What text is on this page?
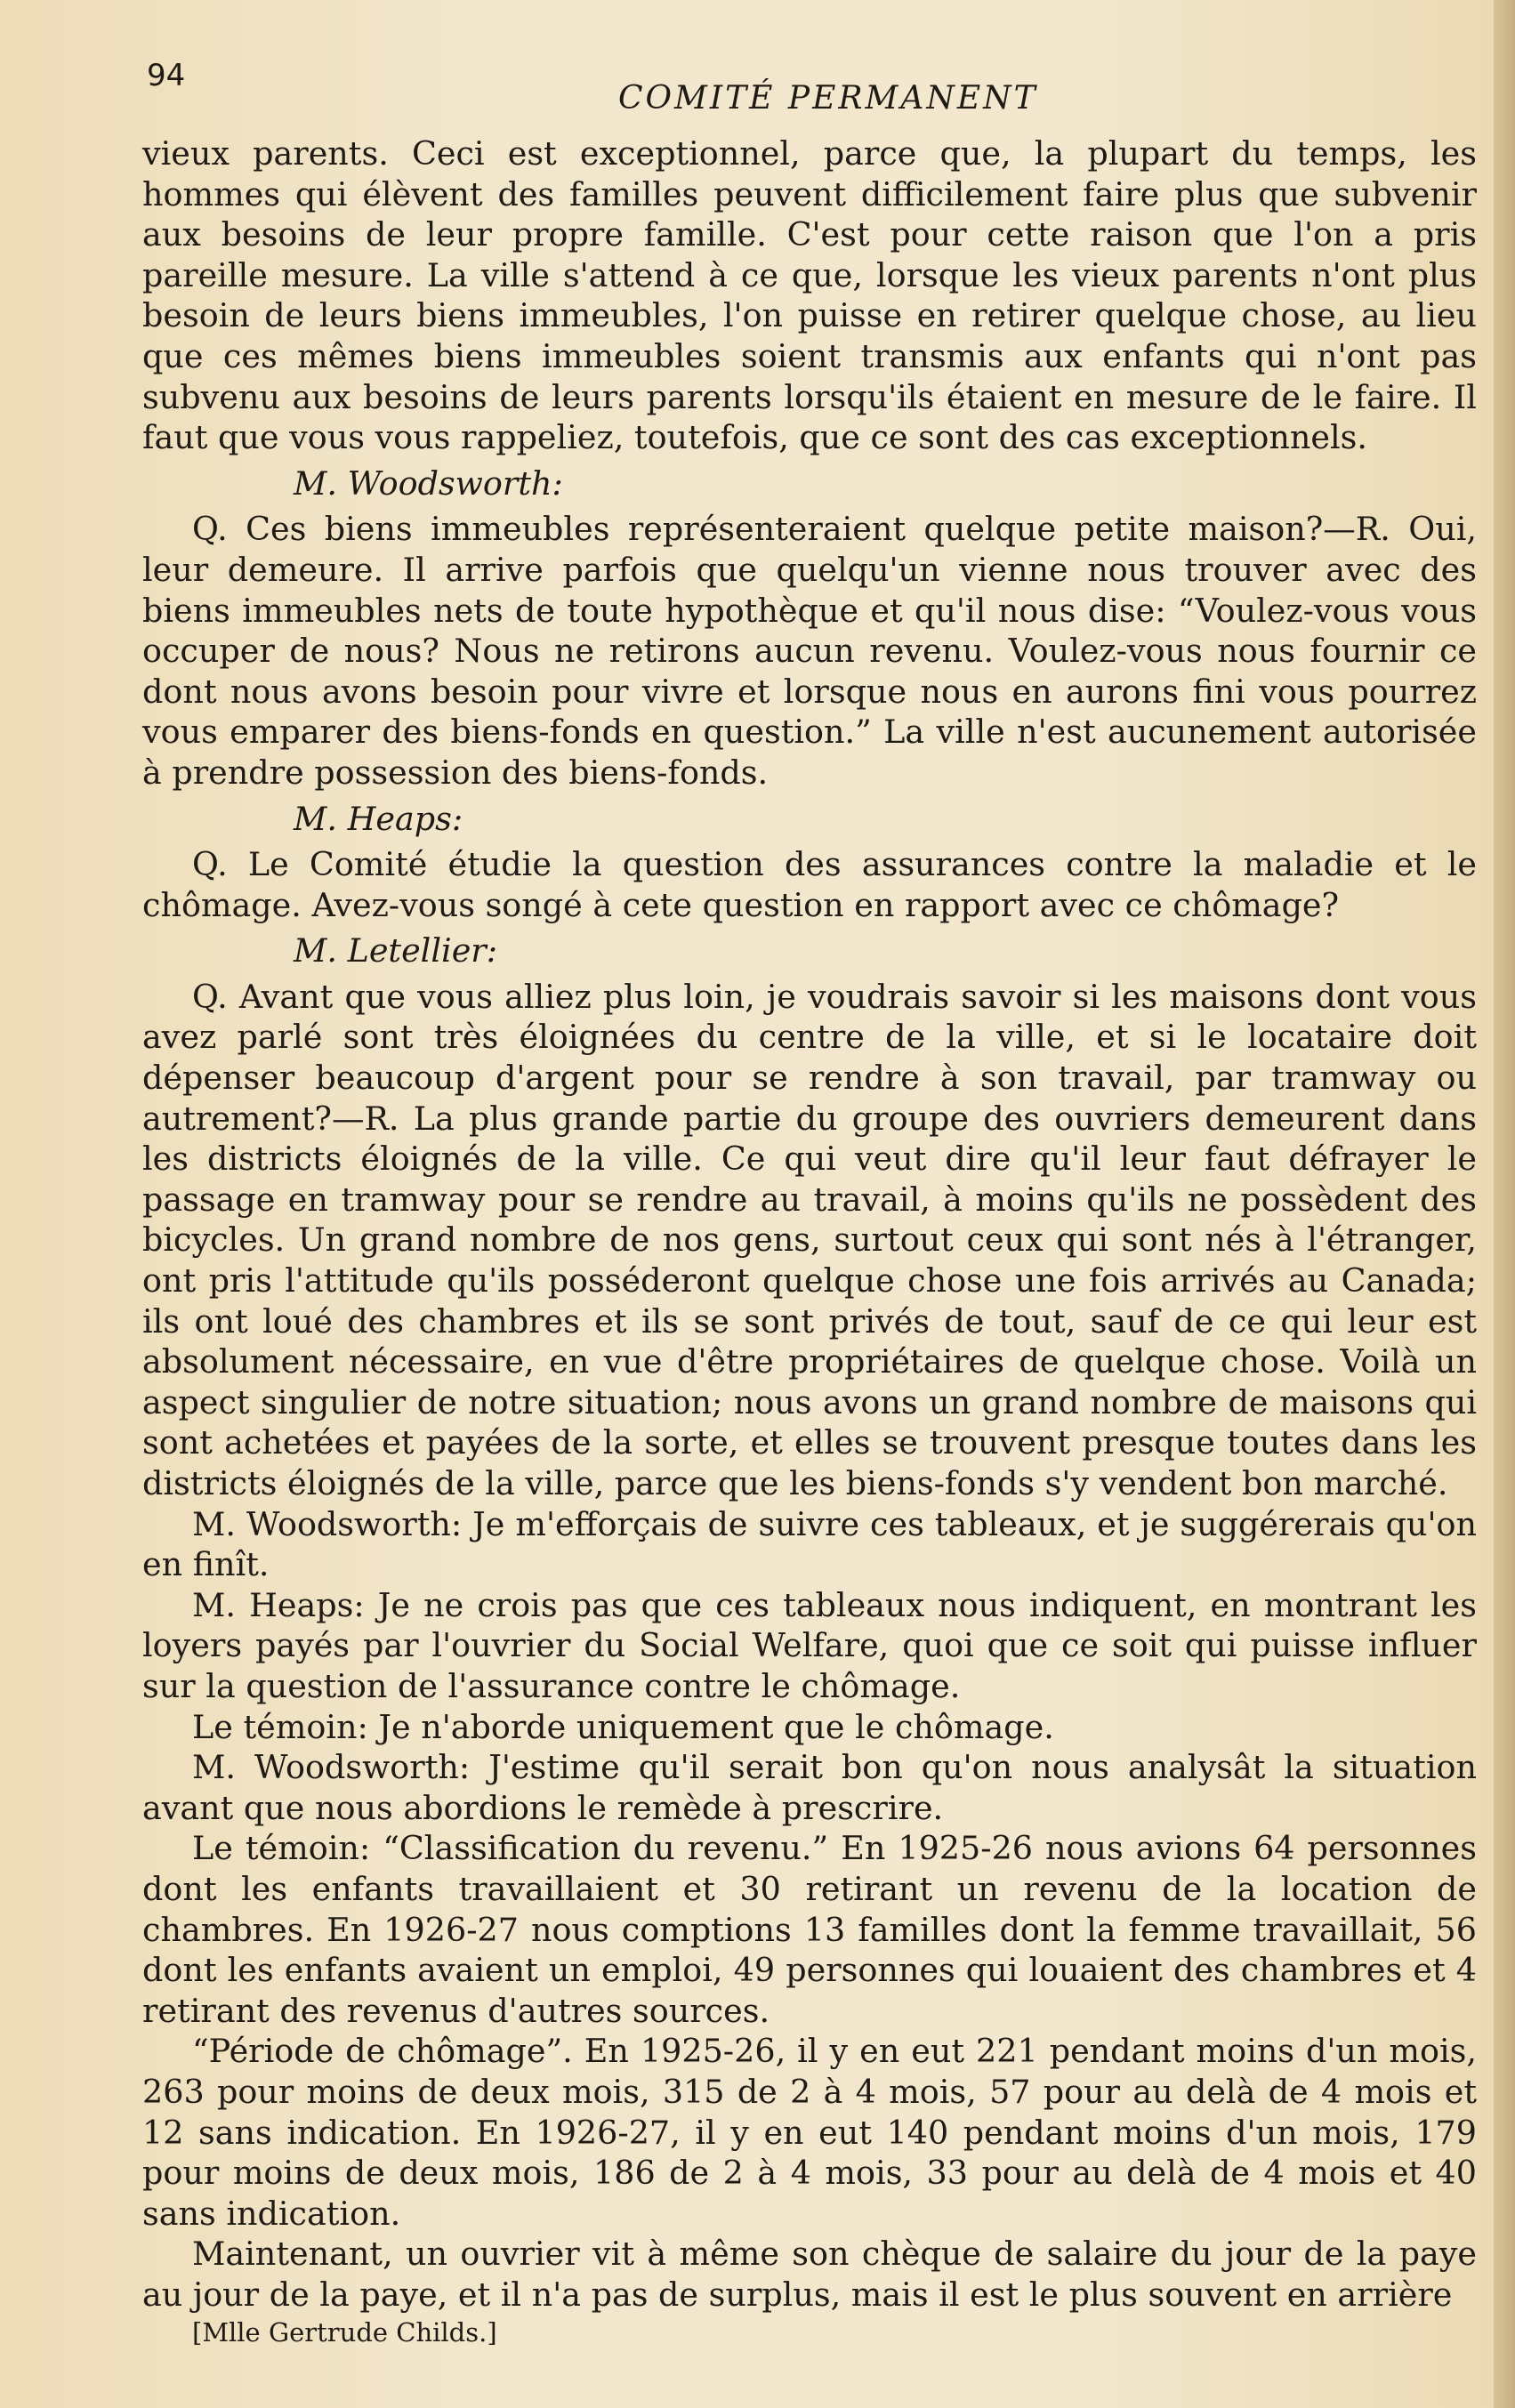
94
COMITÉ PERMANENT

vieux parents. Ceci est exceptionnel, parce que, la plupart du temps, les hommes qui élèvent des familles peuvent difficilement faire plus que subvenir aux besoins de leur propre famille. C'est pour cette raison que l'on a pris pareille mesure. La ville s'attend à ce que, lorsque les vieux parents n'ont plus besoin de leurs biens immeubles, l'on puisse en retirer quelque chose, au lieu que ces mêmes biens immeubles soient transmis aux enfants qui n'ont pas subvenu aux besoins de leurs parents lorsqu'ils étaient en mesure de le faire. Il faut que vous vous rappeliez, toutefois, que ce sont des cas exceptionnels.

M. Woodsworth:

Q. Ces biens immeubles représenteraient quelque petite maison?—R. Oui, leur demeure. Il arrive parfois que quelqu'un vienne nous trouver avec des biens immeubles nets de toute hypothèque et qu'il nous dise: “Voulez-vous vous occuper de nous? Nous ne retirons aucun revenu. Voulez-vous nous fournir ce dont nous avons besoin pour vivre et lorsque nous en aurons fini vous pourrez vous emparer des biens-fonds en question.” La ville n'est aucunement autorisée à prendre possession des biens-fonds.

M. Heaps:

Q. Le Comité étudie la question des assurances contre la maladie et le chômage. Avez-vous songé à cete question en rapport avec ce chômage?

M. Letellier:

Q. Avant que vous alliez plus loin, je voudrais savoir si les maisons dont vous avez parlé sont très éloignées du centre de la ville, et si le locataire doit dépenser beaucoup d'argent pour se rendre à son travail, par tramway ou autrement?—R. La plus grande partie du groupe des ouvriers demeurent dans les districts éloignés de la ville. Ce qui veut dire qu'il leur faut défrayer le passage en tramway pour se rendre au travail, à moins qu'ils ne possèdent des bicycles. Un grand nombre de nos gens, surtout ceux qui sont nés à l'étranger, ont pris l'attitude qu'ils posséderont quelque chose une fois arrivés au Canada; ils ont loué des chambres et ils se sont privés de tout, sauf de ce qui leur est absolument nécessaire, en vue d'être propriétaires de quelque chose. Voilà un aspect singulier de notre situation; nous avons un grand nombre de maisons qui sont achetées et payées de la sorte, et elles se trouvent presque toutes dans les districts éloignés de la ville, parce que les biens-fonds s'y vendent bon marché.

M. Woodsworth: Je m'efforçais de suivre ces tableaux, et je suggérerais qu'on en finît.

M. Heaps: Je ne crois pas que ces tableaux nous indiquent, en montrant les loyers payés par l'ouvrier du Social Welfare, quoi que ce soit qui puisse influer sur la question de l'assurance contre le chômage.

Le témoin: Je n'aborde uniquement que le chômage.

M. Woodsworth: J'estime qu'il serait bon qu'on nous analysât la situation avant que nous abordions le remède à prescrire.

Le témoin: “Classification du revenu.” En 1925-26 nous avions 64 personnes dont les enfants travaillaient et 30 retirant un revenu de la location de chambres. En 1926-27 nous comptions 13 familles dont la femme travaillait, 56 dont les enfants avaient un emploi, 49 personnes qui louaient des chambres et 4 retirant des revenus d'autres sources.

“Période de chômage”. En 1925-26, il y en eut 221 pendant moins d'un mois, 263 pour moins de deux mois, 315 de 2 à 4 mois, 57 pour au delà de 4 mois et 12 sans indication. En 1926-27, il y en eut 140 pendant moins d'un mois, 179 pour moins de deux mois, 186 de 2 à 4 mois, 33 pour au delà de 4 mois et 40 sans indication.

Maintenant, un ouvrier vit à même son chèque de salaire du jour de la paye au jour de la paye, et il n'a pas de surplus, mais il est le plus souvent en arrière

[Mlle Gertrude Childs.]
